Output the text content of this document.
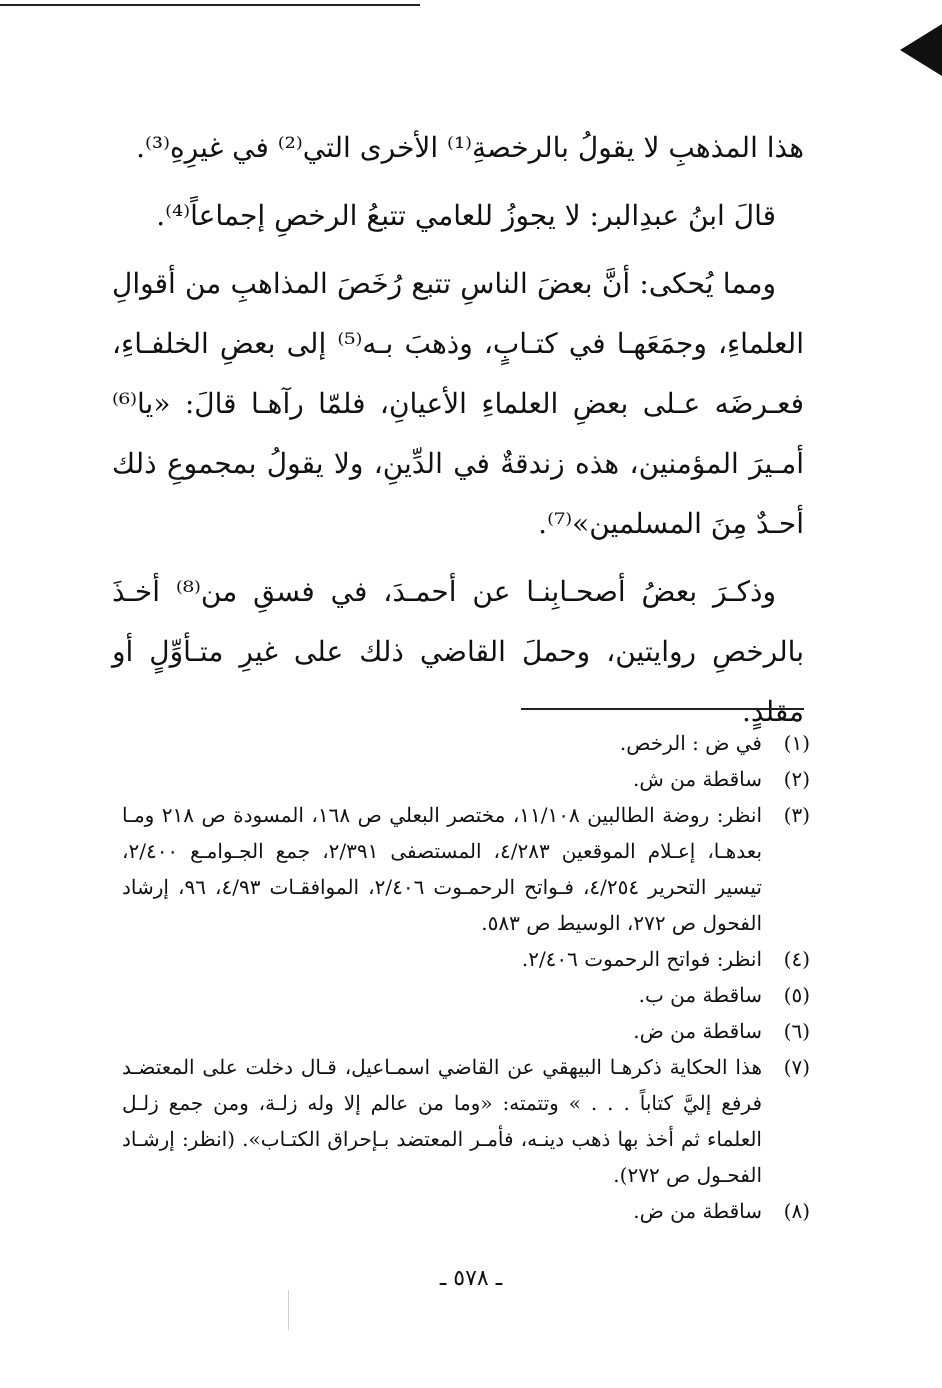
هذا المذهبِ لا يقولُ بالرخصةِ⁽¹⁾ الأخرى التي⁽²⁾ في غيرِهِ⁽³⁾.

قالَ ابنُ عبدِالبر: لا يجوزُ للعامي تتبعُ الرخصِ إجماعاً⁽⁴⁾.

ومما يُحكى: أنَّ بعضَ الناسِ تتبع رُخَصَ المذاهبِ من أقوالِ العلماءِ، وجمَعَهـا في كتـابٍ، وذهبَ بـه⁽⁵⁾ إلى بعضِ الخلفـاءِ، فعـرضَه عـلى بعضِ العلماءِ الأعيانِ، فلمّا رآهـا قالَ: «يا⁽⁶⁾ أمـيرَ المؤمنين، هذه زندقةٌ في الدِّينِ، ولا يقولُ بمجموعِ ذلك أحـدٌ مِنَ المسلمين»⁽⁷⁾.

وذكـرَ بعضُ أصحـابِنـا عن أحمـدَ، في فسقِ من⁽⁸⁾ أخـذَ بالرخصِ روايتين، وحملَ القاضي ذلك على غيرِ متـأوِّلٍ أو مقلدٍ.

(١)
في ض : الرخص.
(٢)
ساقطة من ش.
(٣)
انظر: روضة الطالبين ١١/١٠٨، مختصر البعلي ص ١٦٨، المسودة ص ٢١٨ ومـا بعدهـا، إعـلام الموقعين ٤/٢٨٣، المستصفى ٢/٣٩١، جمع الجـوامـع ٢/٤٠٠، تيسير التحرير ٤/٢٥٤، فـواتح الرحمـوت ٢/٤٠٦، الموافقـات ٤/٩٣، ٩٦، إرشاد الفحول ص ٢٧٢، الوسيط ص ٥٨٣.
(٤)
انظر: فواتح الرحموت ٢/٤٠٦.
(٥)
ساقطة من ب.
(٦)
ساقطة من ض.
(٧)
هذا الحكاية ذكرهـا البيهقي عن القاضي اسمـاعيل، قـال دخلت على المعتضـد فرفع إليَّ كتاباً . . . » وتتمته: «وما من عالم إلا وله زلـة، ومن جمع زلـل العلماء ثم أخذ بها ذهب دينـه، فأمـر المعتضد بـإحراق الكتـاب». (انظر: إرشـاد الفحـول ص ٢٧٢).
(٨)
ساقطة من ض.
ـ ٥٧٨ ـ
